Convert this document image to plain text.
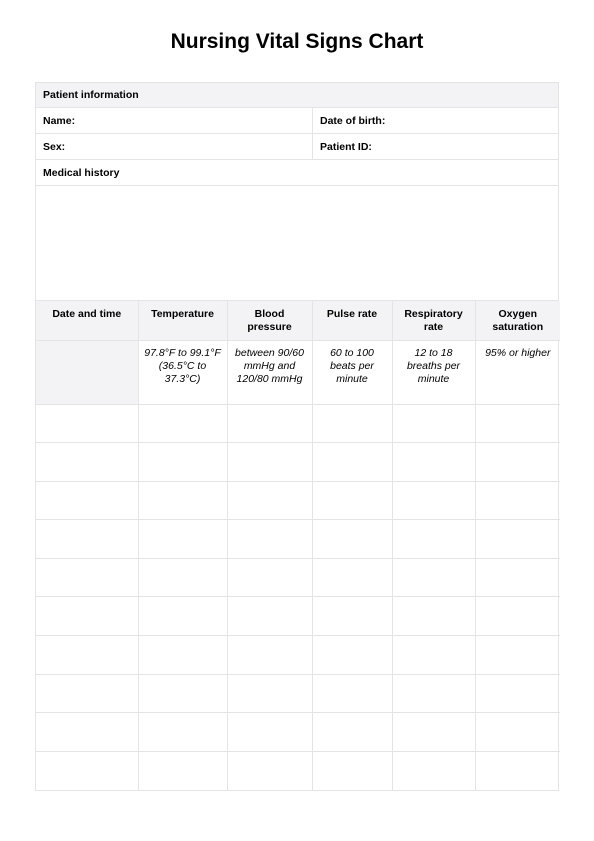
Nursing Vital Signs Chart
Patient information
Name:	Date of birth:
Sex:	Patient ID:
Medical history
Date and time	Temperature	Blood pressure	Pulse rate	Respiratory rate	Oxygen saturation
	97.8°F to 99.1°F (36.5°C to 37.3°C)	between 90/60 mmHg and 120/80 mmHg	60 to 100 beats per minute	12 to 18 breaths per minute	95% or higher
